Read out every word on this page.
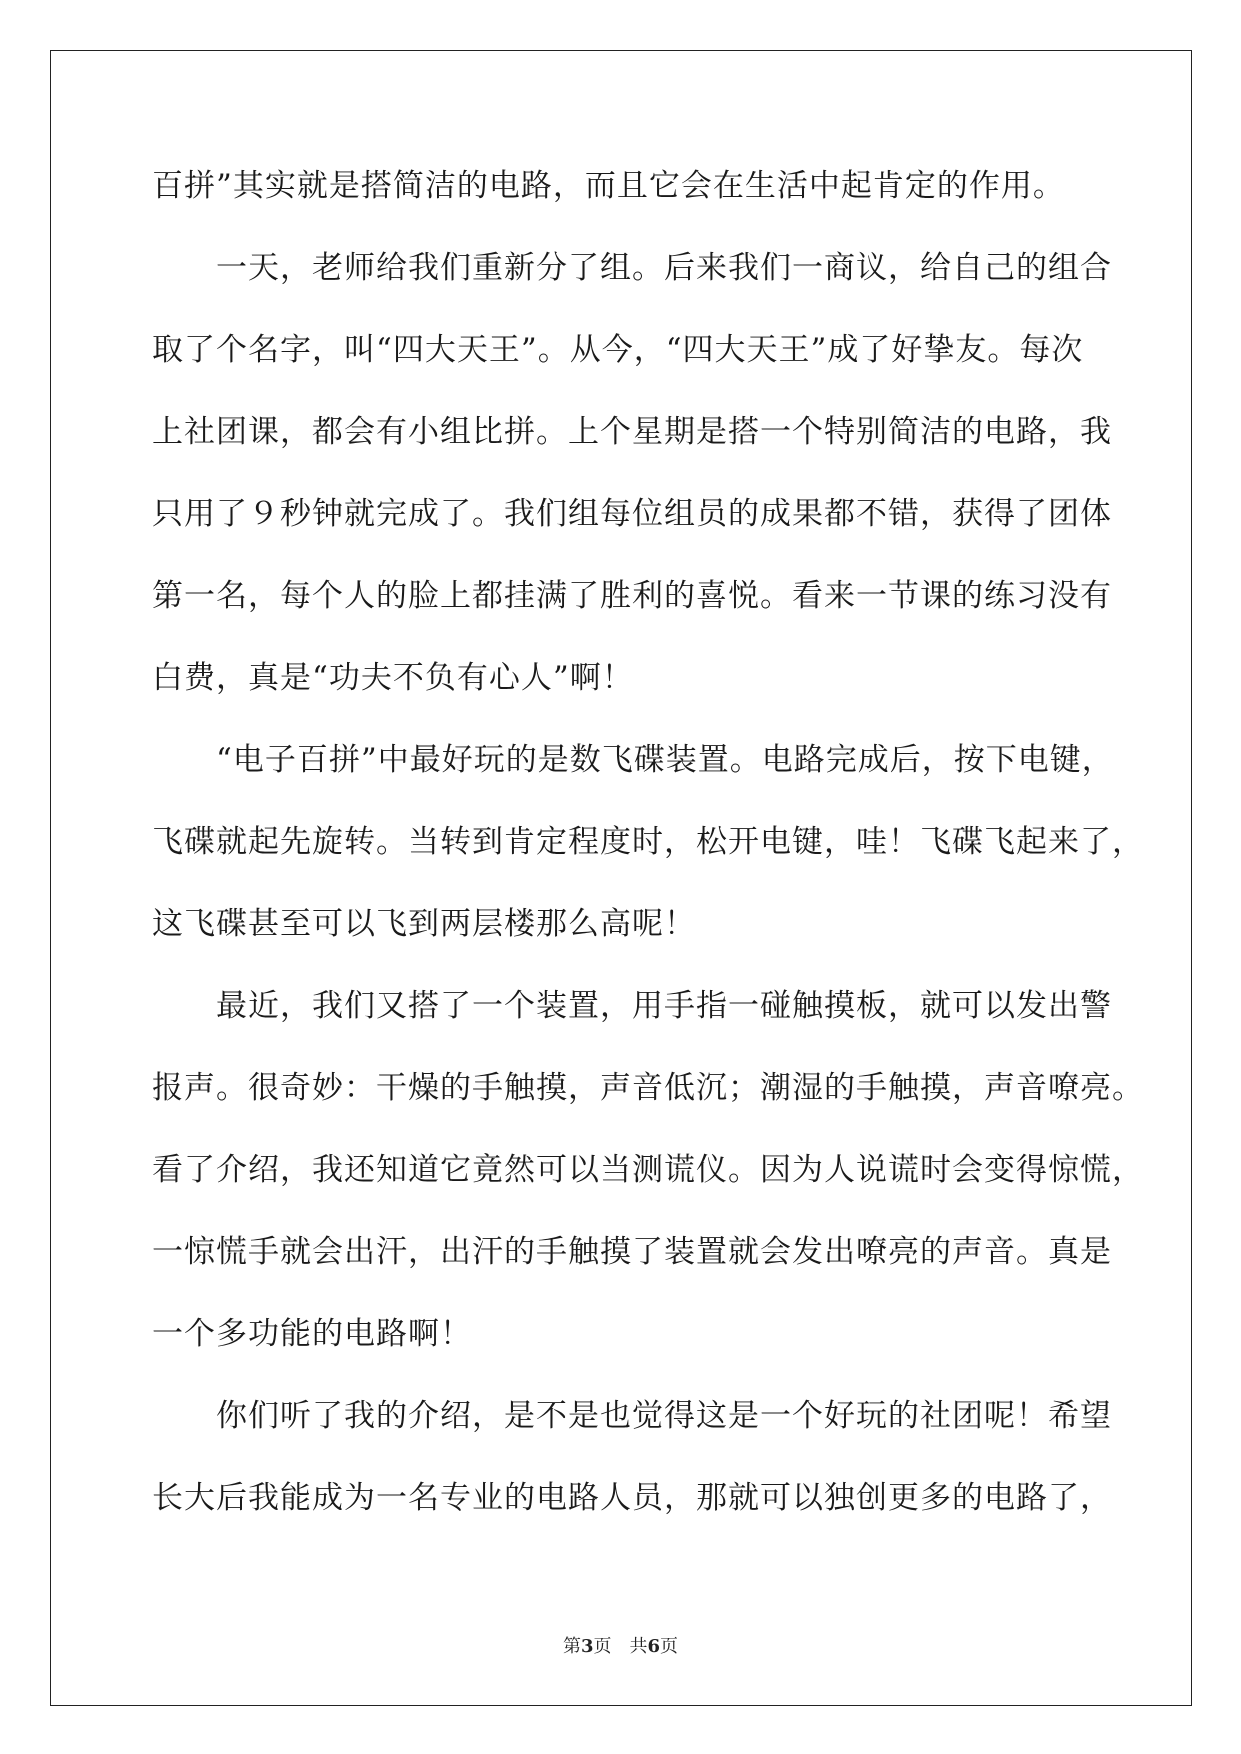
百拼”其实就是搭简洁的电路，而且它会在生活中起肯定的作用。
一天，老师给我们重新分了组。后来我们一商议，给自己的组合
取了个名字，叫“四大天王”。从今，“四大天王”成了好挚友。每次
上社团课，都会有小组比拼。上个星期是搭一个特别简洁的电路，我
只用了９秒钟就完成了。我们组每位组员的成果都不错，获得了团体
第一名，每个人的脸上都挂满了胜利的喜悦。看来一节课的练习没有
白费，真是“功夫不负有心人”啊！
“电子百拼”中最好玩的是数飞碟装置。电路完成后，按下电键，
飞碟就起先旋转。当转到肯定程度时，松开电键，哇！飞碟飞起来了，
这飞碟甚至可以飞到两层楼那么高呢！
最近，我们又搭了一个装置，用手指一碰触摸板，就可以发出警
报声。很奇妙：干燥的手触摸，声音低沉；潮湿的手触摸，声音嘹亮。
看了介绍，我还知道它竟然可以当测谎仪。因为人说谎时会变得惊慌，
一惊慌手就会出汗，出汗的手触摸了装置就会发出嘹亮的声音。真是
一个多功能的电路啊！
你们听了我的介绍，是不是也觉得这是一个好玩的社团呢！希望
长大后我能成为一名专业的电路人员，那就可以独创更多的电路了，
第3页 共6页
